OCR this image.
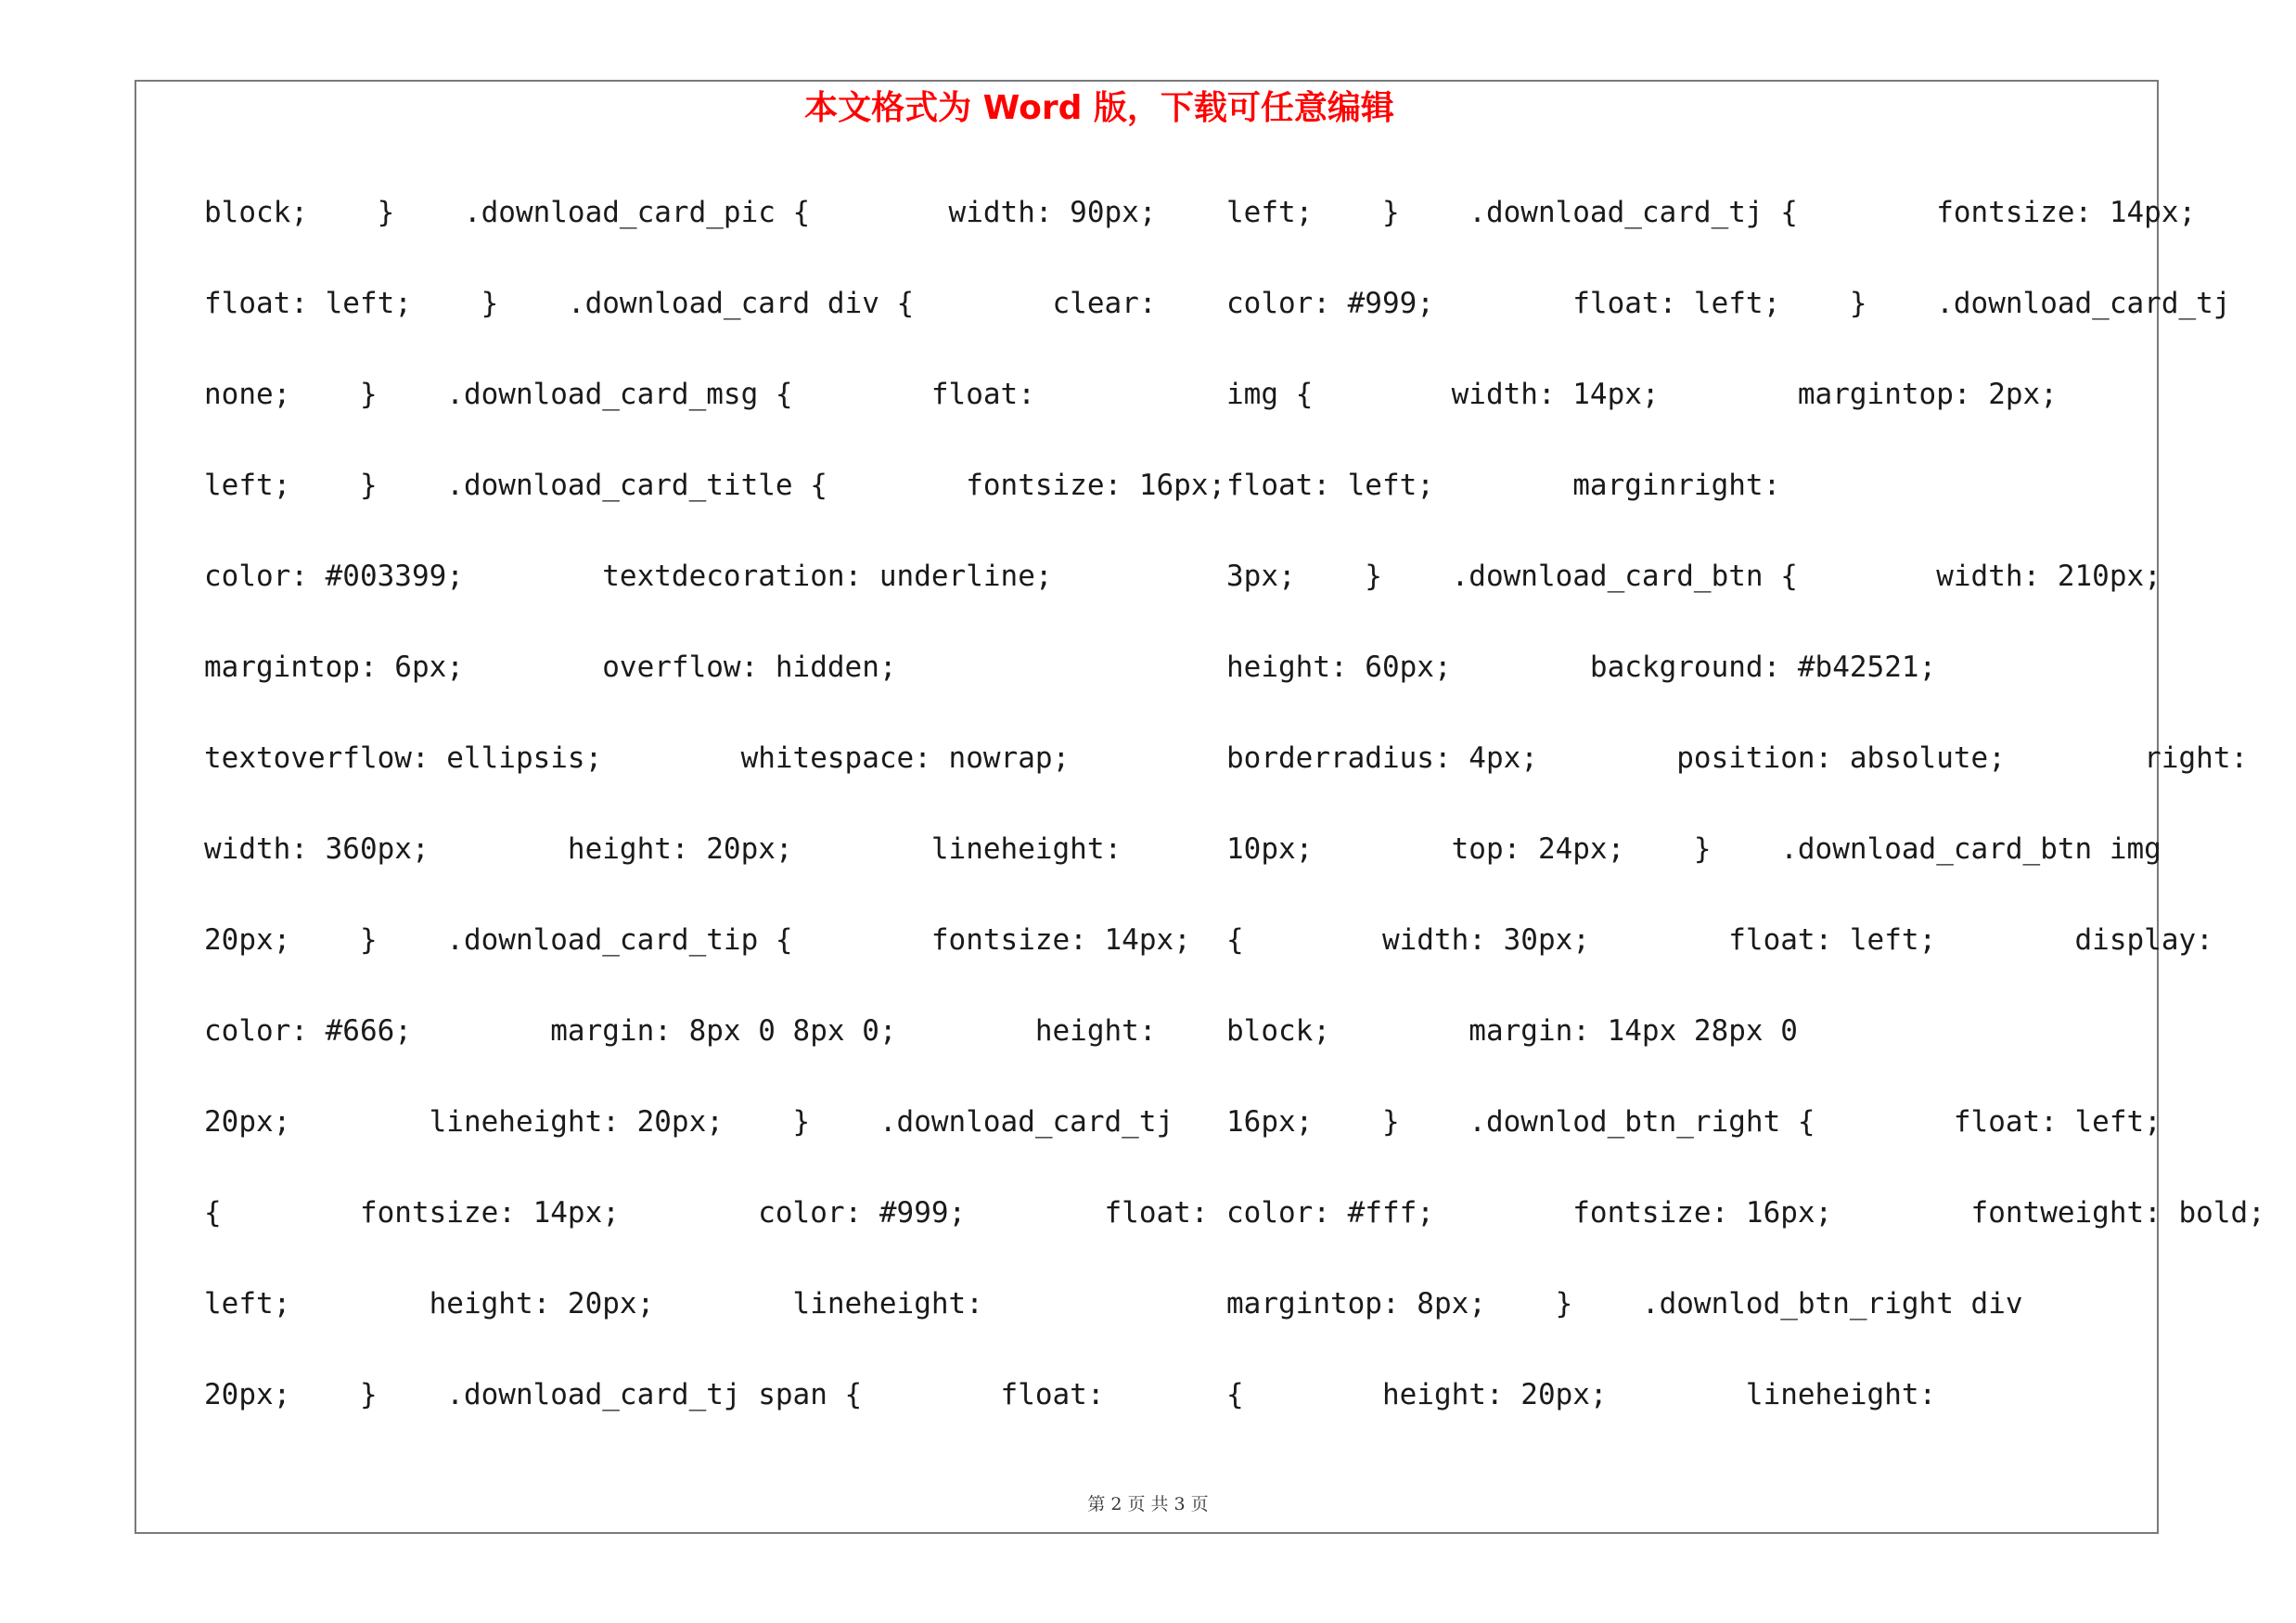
本文格式为 Word 版，下载可任意编辑
block;    }    .download_card_pic {        width: 90px;
float: left;    }    .download_card div {        clear:
none;    }    .download_card_msg {        float:
left;    }    .download_card_title {        fontsize: 16px;
color: #003399;        textdecoration: underline;
margintop: 6px;        overflow: hidden;
textoverflow: ellipsis;        whitespace: nowrap;
width: 360px;        height: 20px;        lineheight:
20px;    }    .download_card_tip {        fontsize: 14px;
color: #666;        margin: 8px 0 8px 0;        height:
20px;        lineheight: 20px;    }    .download_card_tj
{        fontsize: 14px;        color: #999;        float:
left;        height: 20px;        lineheight:
20px;    }    .download_card_tj span {        float:
left;    }    .download_card_tj {        fontsize: 14px;
color: #999;        float: left;    }    .download_card_tj
img {        width: 14px;        margintop: 2px;
float: left;        marginright:
3px;    }    .download_card_btn {        width: 210px;
height: 60px;        background: #b42521;
borderradius: 4px;        position: absolute;        right:
10px;        top: 24px;    }    .download_card_btn img
{        width: 30px;        float: left;        display:
block;        margin: 14px 28px 0
16px;    }    .downlod_btn_right {        float: left;
color: #fff;        fontsize: 16px;        fontweight: bold;
margintop: 8px;    }    .downlod_btn_right div
{        height: 20px;        lineheight:
第 2 页 共 3 页
